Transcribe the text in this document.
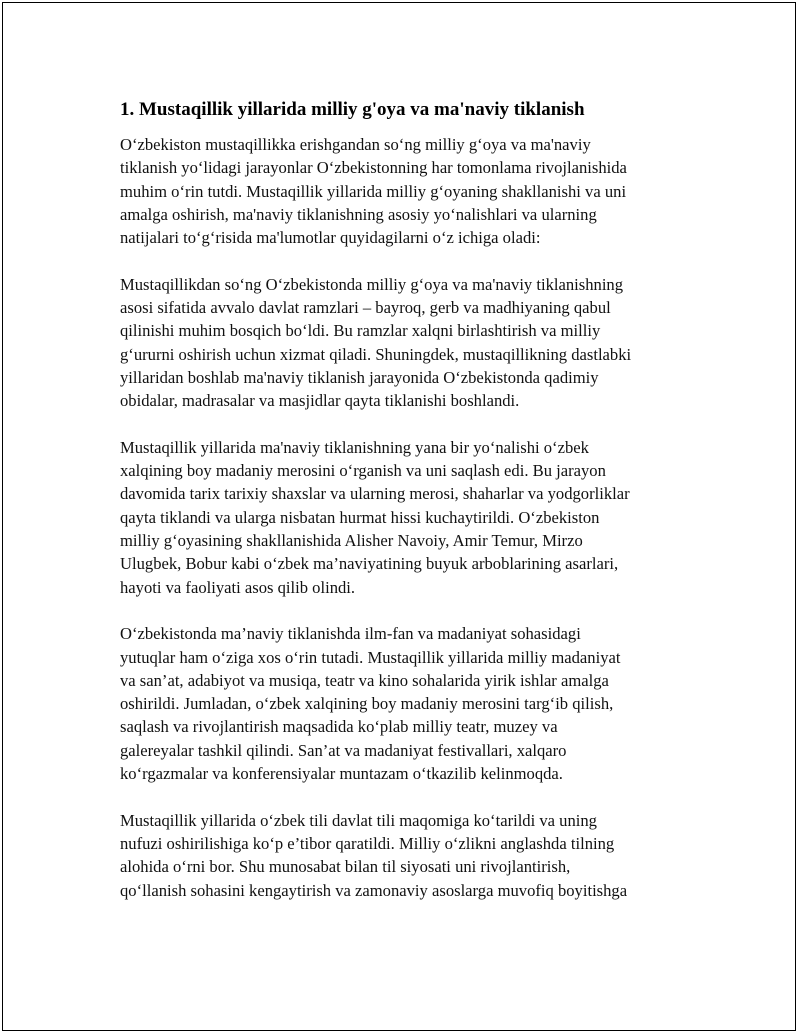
1. Mustaqillik yillarida milliy g'oya va ma'naviy tiklanish

O‘zbekiston mustaqillikka erishgandan so‘ng milliy g‘oya va ma'naviy
tiklanish yo‘lidagi jarayonlar O‘zbekistonning har tomonlama rivojlanishida
muhim o‘rin tutdi. Mustaqillik yillarida milliy g‘oyaning shakllanishi va uni
amalga oshirish, ma'naviy tiklanishning asosiy yo‘nalishlari va ularning
natijalari to‘g‘risida ma'lumotlar quyidagilarni o‘z ichiga oladi:

Mustaqillikdan so‘ng O‘zbekistonda milliy g‘oya va ma'naviy tiklanishning
asosi sifatida avvalo davlat ramzlari – bayroq, gerb va madhiyaning qabul
qilinishi muhim bosqich bo‘ldi. Bu ramzlar xalqni birlashtirish va milliy
g‘ururni oshirish uchun xizmat qiladi. Shuningdek, mustaqillikning dastlabki
yillaridan boshlab ma'naviy tiklanish jarayonida O‘zbekistonda qadimiy
obidalar, madrasalar va masjidlar qayta tiklanishi boshlandi.

Mustaqillik yillarida ma'naviy tiklanishning yana bir yo‘nalishi o‘zbek
xalqining boy madaniy merosini o‘rganish va uni saqlash edi. Bu jarayon
davomida tarix tarixiy shaxslar va ularning merosi, shaharlar va yodgorliklar
qayta tiklandi va ularga nisbatan hurmat hissi kuchaytirildi. O‘zbekiston
milliy g‘oyasining shakllanishida Alisher Navoiy, Amir Temur, Mirzo
Ulugbek, Bobur kabi o‘zbek ma’naviyatining buyuk arboblarining asarlari,
hayoti va faoliyati asos qilib olindi.

O‘zbekistonda ma’naviy tiklanishda ilm-fan va madaniyat sohasidagi
yutuqlar ham o‘ziga xos o‘rin tutadi. Mustaqillik yillarida milliy madaniyat
va san’at, adabiyot va musiqa, teatr va kino sohalarida yirik ishlar amalga
oshirildi. Jumladan, o‘zbek xalqining boy madaniy merosini targ‘ib qilish,
saqlash va rivojlantirish maqsadida ko‘plab milliy teatr, muzey va
galereyalar tashkil qilindi. San’at va madaniyat festivallari, xalqaro
ko‘rgazmalar va konferensiyalar muntazam o‘tkazilib kelinmoqda.

Mustaqillik yillarida o‘zbek tili davlat tili maqomiga ko‘tarildi va uning
nufuzi oshirilishiga ko‘p e’tibor qaratildi. Milliy o‘zlikni anglashda tilning
alohida o‘rni bor. Shu munosabat bilan til siyosati uni rivojlantirish,
qo‘llanish sohasini kengaytirish va zamonaviy asoslarga muvofiq boyitishga
